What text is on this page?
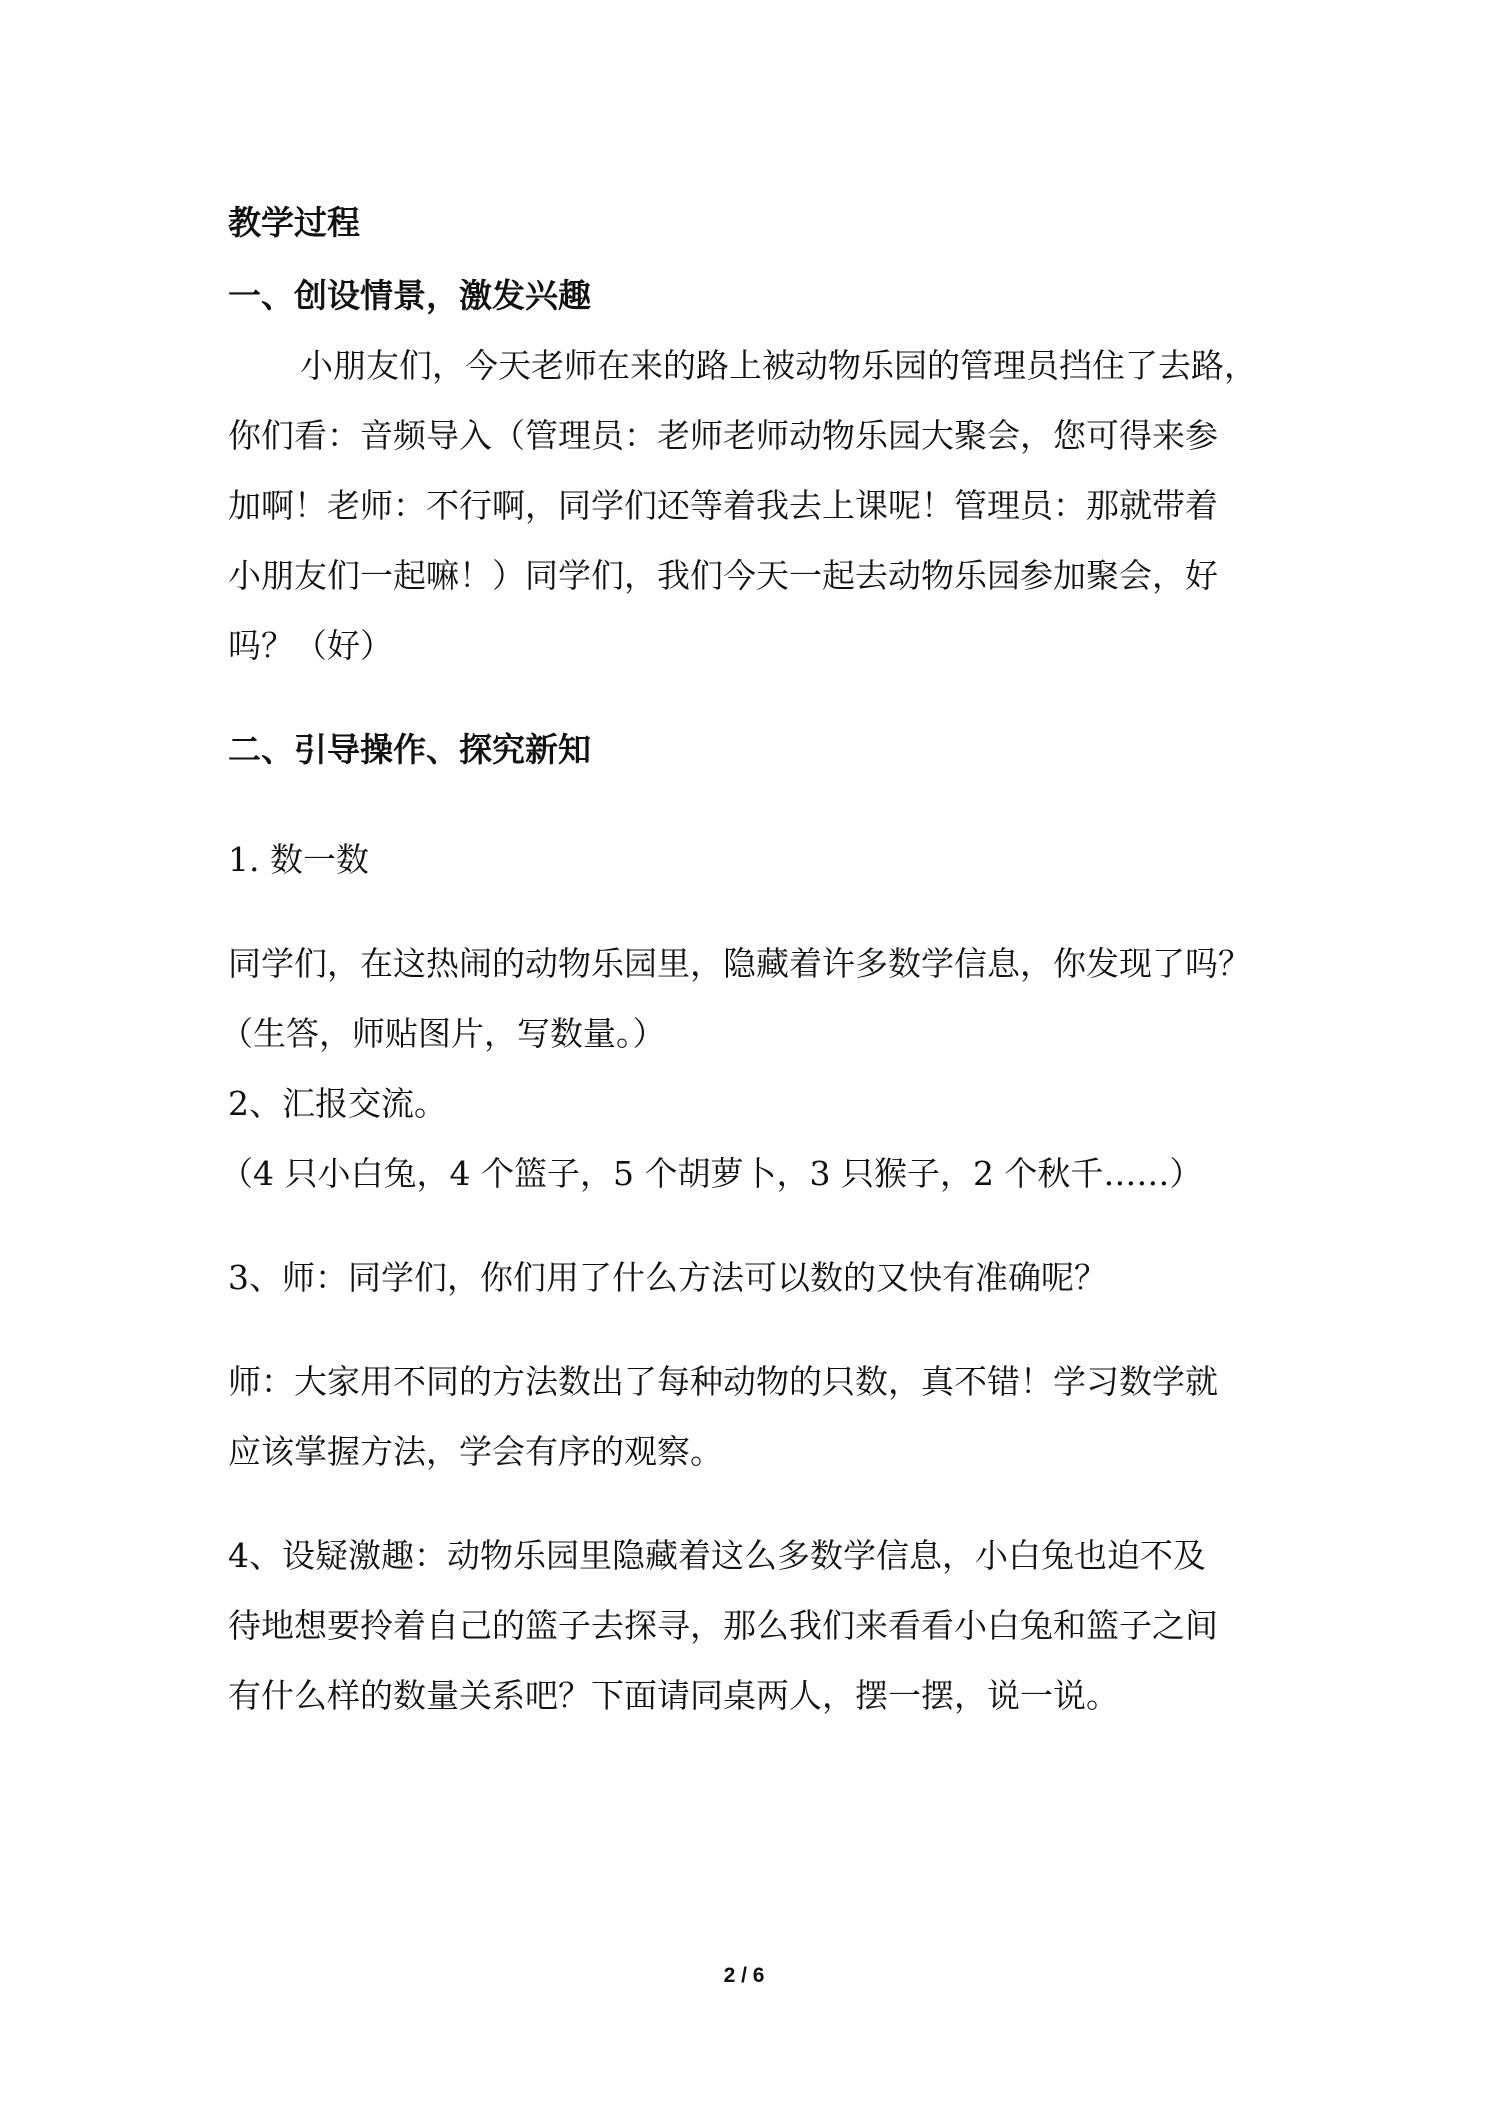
教学过程

一、创设情景，激发兴趣

小朋友们，今天老师在来的路上被动物乐园的管理员挡住了去路，

你们看：音频导入（管理员：老师老师动物乐园大聚会，您可得来参

加啊！老师：不行啊，同学们还等着我去上课呢！管理员：那就带着

小朋友们一起嘛！）同学们，我们今天一起去动物乐园参加聚会，好

吗？（好）

二、引导操作、探究新知

1. 数一数

同学们，在这热闹的动物乐园里，隐藏着许多数学信息，你发现了吗？

（生答，师贴图片，写数量。）

2、汇报交流。

（4 只小白兔，4 个篮子，5 个胡萝卜，3 只猴子，2 个秋千……）

3、师：同学们，你们用了什么方法可以数的又快有准确呢？

师：大家用不同的方法数出了每种动物的只数，真不错！学习数学就

应该掌握方法，学会有序的观察。

4、设疑激趣：动物乐园里隐藏着这么多数学信息，小白兔也迫不及

待地想要拎着自己的篮子去探寻，那么我们来看看小白兔和篮子之间

有什么样的数量关系吧？下面请同桌两人，摆一摆，说一说。

2 / 6
